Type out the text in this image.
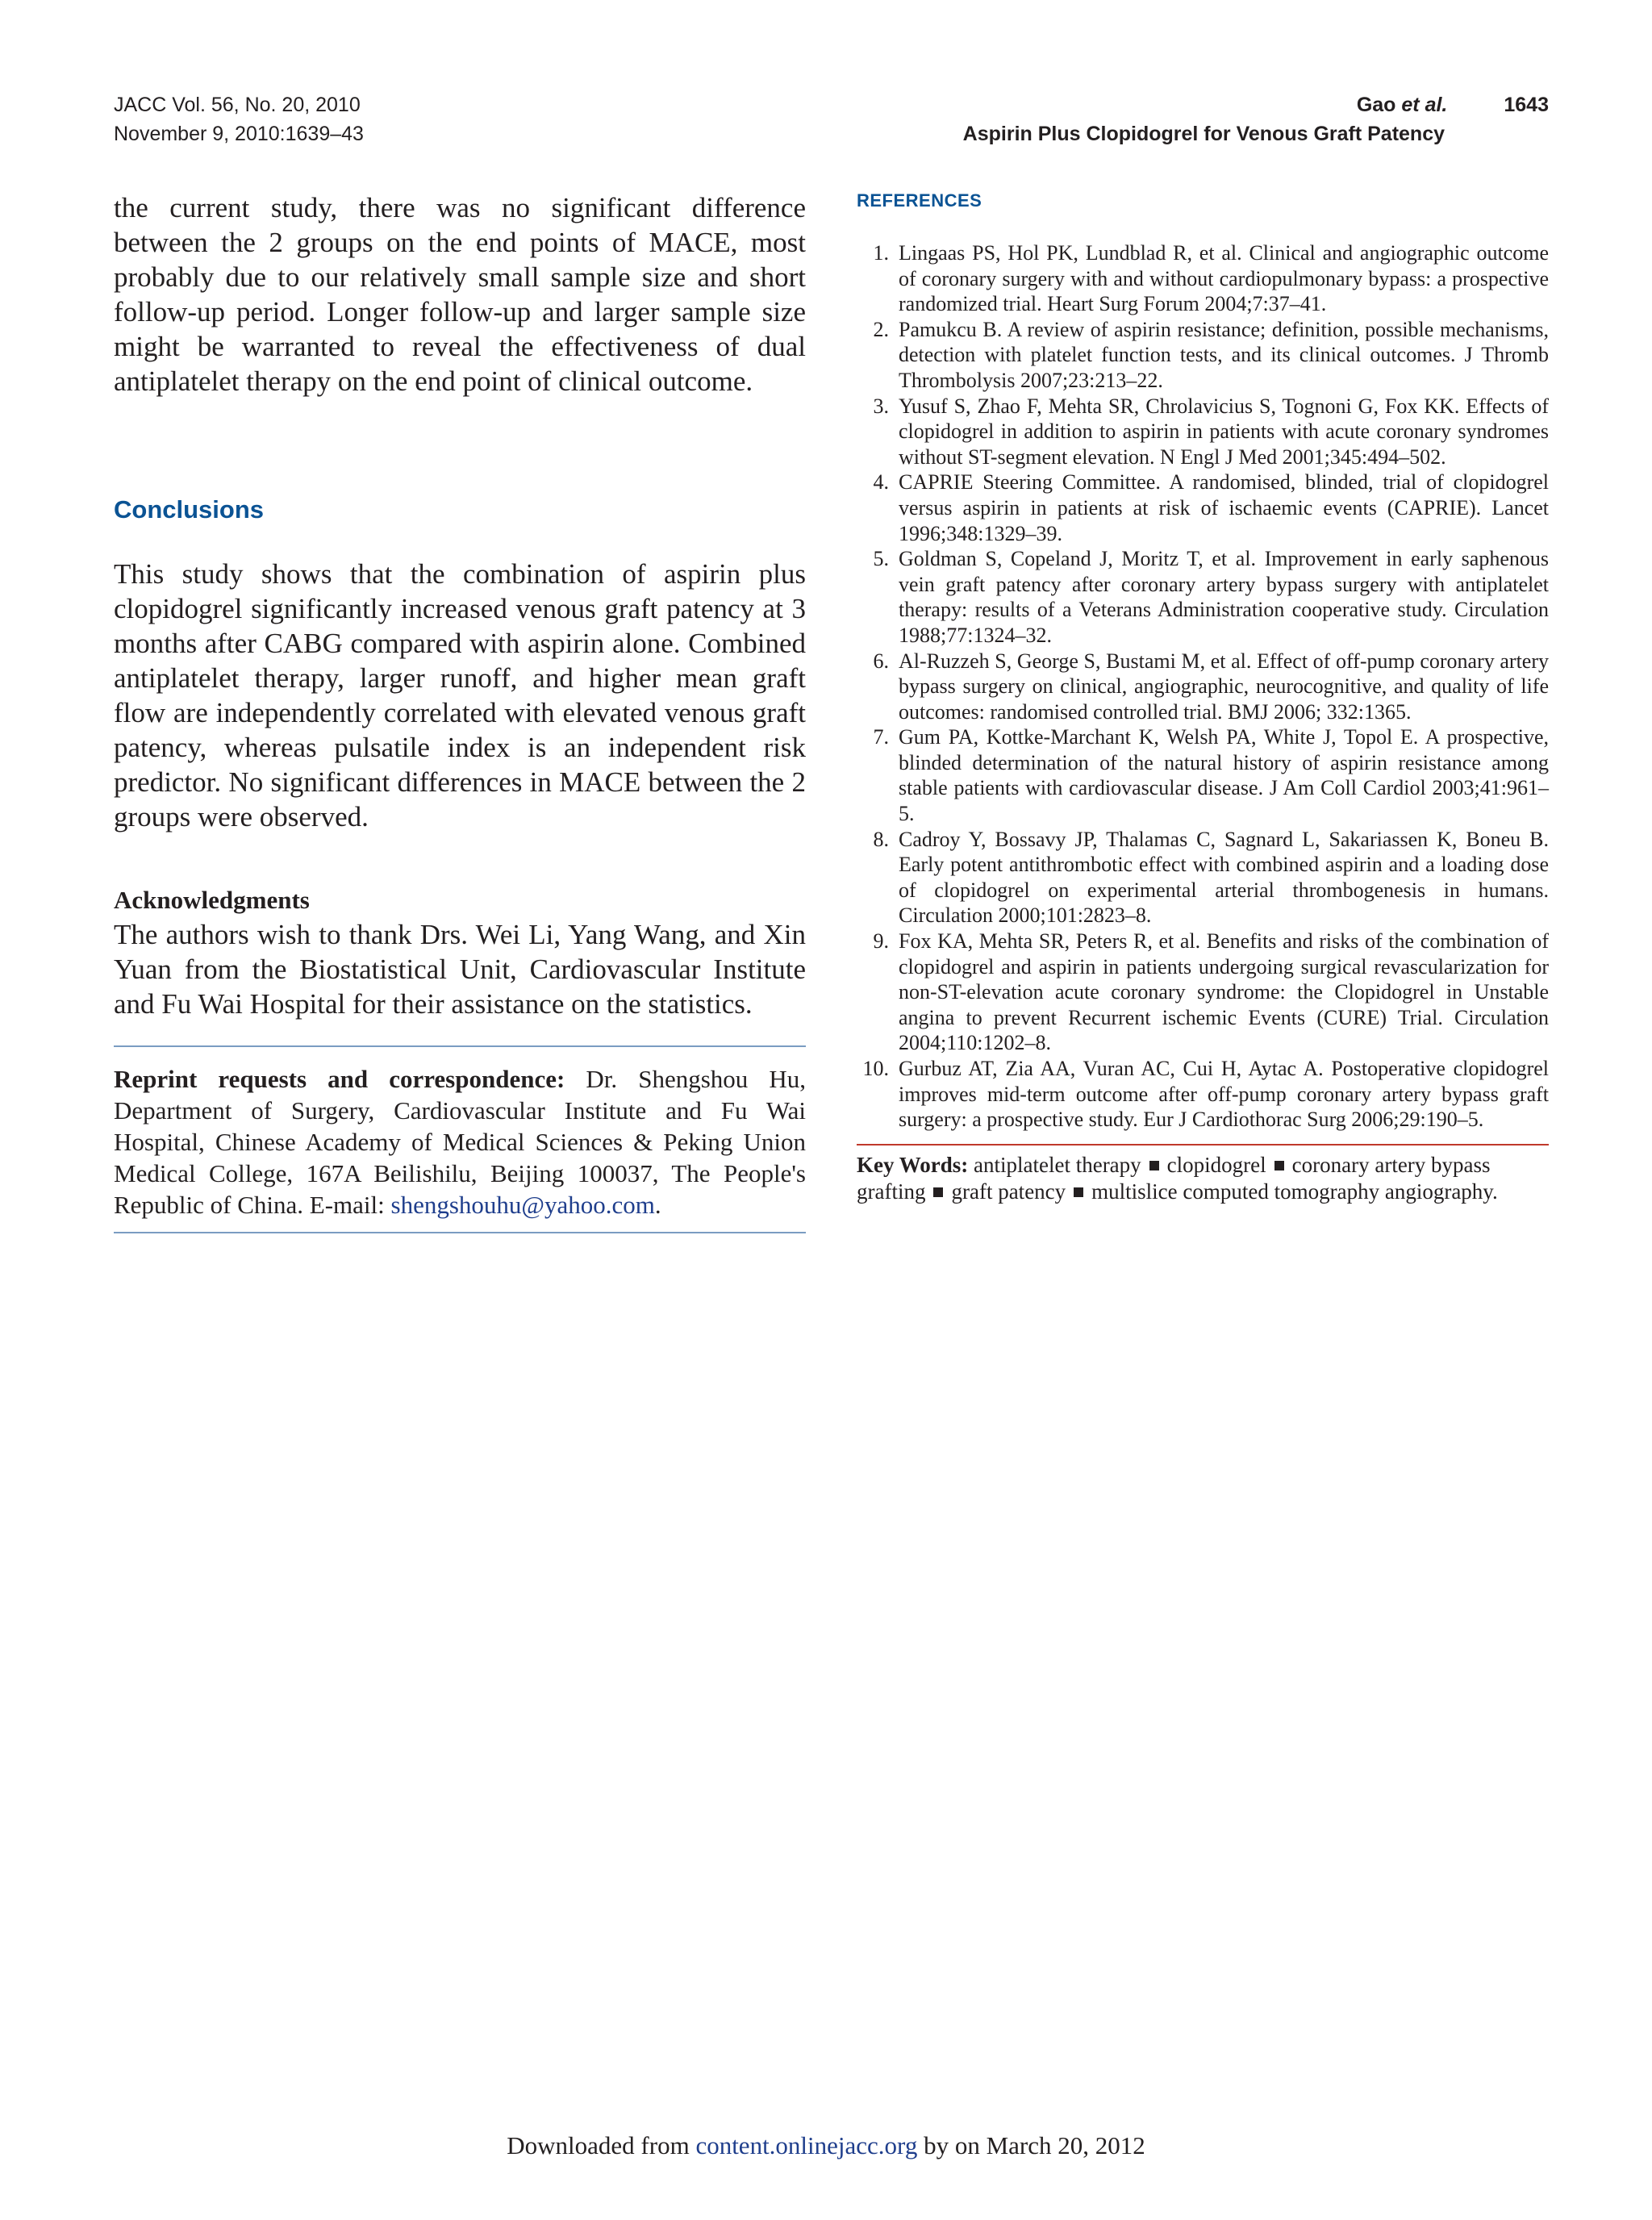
JACC Vol. 56, No. 20, 2010
November 9, 2010:1639–43
Gao et al.	1643
Aspirin Plus Clopidogrel for Venous Graft Patency

the current study, there was no significant difference between the 2 groups on the end points of MACE, most probably due to our relatively small sample size and short follow-up period. Longer follow-up and larger sample size might be warranted to reveal the effectiveness of dual antiplatelet therapy on the end point of clinical outcome.

Conclusions

This study shows that the combination of aspirin plus clopidogrel significantly increased venous graft patency at 3 months after CABG compared with aspirin alone. Combined antiplatelet therapy, larger runoff, and higher mean graft flow are independently correlated with elevated venous graft patency, whereas pulsatile index is an independent risk predictor. No significant differences in MACE between the 2 groups were observed.

Acknowledgments

The authors wish to thank Drs. Wei Li, Yang Wang, and Xin Yuan from the Biostatistical Unit, Cardiovascular Institute and Fu Wai Hospital for their assistance on the statistics.

Reprint requests and correspondence: Dr. Shengshou Hu, Department of Surgery, Cardiovascular Institute and Fu Wai Hospital, Chinese Academy of Medical Sciences & Peking Union Medical College, 167A Beilishilu, Beijing 100037, The People's Republic of China. E-mail: shengshouhu@yahoo.com.

REFERENCES
1. Lingaas PS, Hol PK, Lundblad R, et al. Clinical and angiographic outcome of coronary surgery with and without cardiopulmonary bypass: a prospective randomized trial. Heart Surg Forum 2004;7:37–41.
2. Pamukcu B. A review of aspirin resistance; definition, possible mechanisms, detection with platelet function tests, and its clinical outcomes. J Thromb Thrombolysis 2007;23:213–22.
3. Yusuf S, Zhao F, Mehta SR, Chrolavicius S, Tognoni G, Fox KK. Effects of clopidogrel in addition to aspirin in patients with acute coronary syndromes without ST-segment elevation. N Engl J Med 2001;345:494–502.
4. CAPRIE Steering Committee. A randomised, blinded, trial of clopidogrel versus aspirin in patients at risk of ischaemic events (CAPRIE). Lancet 1996;348:1329–39.
5. Goldman S, Copeland J, Moritz T, et al. Improvement in early saphenous vein graft patency after coronary artery bypass surgery with antiplatelet therapy: results of a Veterans Administration cooperative study. Circulation 1988;77:1324–32.
6. Al-Ruzzeh S, George S, Bustami M, et al. Effect of off-pump coronary artery bypass surgery on clinical, angiographic, neurocognitive, and quality of life outcomes: randomised controlled trial. BMJ 2006; 332:1365.
7. Gum PA, Kottke-Marchant K, Welsh PA, White J, Topol E. A prospective, blinded determination of the natural history of aspirin resistance among stable patients with cardiovascular disease. J Am Coll Cardiol 2003;41:961–5.
8. Cadroy Y, Bossavy JP, Thalamas C, Sagnard L, Sakariassen K, Boneu B. Early potent antithrombotic effect with combined aspirin and a loading dose of clopidogrel on experimental arterial thrombogenesis in humans. Circulation 2000;101:2823–8.
9. Fox KA, Mehta SR, Peters R, et al. Benefits and risks of the combination of clopidogrel and aspirin in patients undergoing surgical revascularization for non-ST-elevation acute coronary syndrome: the Clopidogrel in Unstable angina to prevent Recurrent ischemic Events (CURE) Trial. Circulation 2004;110:1202–8.
10. Gurbuz AT, Zia AA, Vuran AC, Cui H, Aytac A. Postoperative clopidogrel improves mid-term outcome after off-pump coronary artery bypass graft surgery: a prospective study. Eur J Cardiothorac Surg 2006;29:190–5.

Key Words: antiplatelet therapy clopidogrel coronary artery bypass grafting graft patency multislice computed tomography angiography.

Downloaded from content.onlinejacc.org by on March 20, 2012
